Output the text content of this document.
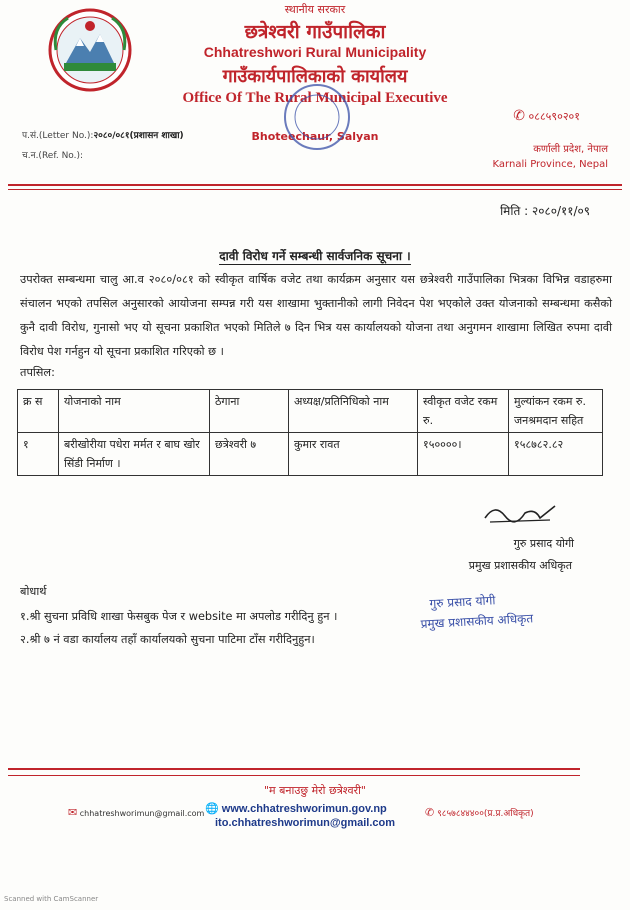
स्थानीय सरकार
छत्रेश्वरी गाउँपालिका
Chhatreshwori Rural Municipality
गाउँकार्यपालिकाको कार्यालय
Office Of The Rural Municipal Executive
Bhoteechaur, Salyan
✆ ०८८५९०२०१
प.सं.(Letter No.):२०८०/०८१(प्रशासन शाखा)
च.न.(Ref. No.):
कर्णाली प्रदेश, नेपाल
Karnali Province, Nepal
मिति : २०८०/११/०९
दावी विरोध गर्ने सम्बन्धी सार्वजनिक सूचना ।
उपरोक्त सम्बन्धमा चालु आ.व २०८०/०८१ को स्वीकृत वार्षिक वजेट तथा कार्यक्रम अनुसार यस छत्रेश्वरी गाउँपालिका भित्रका विभिन्न वडाहरुमा संचालन भएको तपसिल अनुसारको आयोजना सम्पन्न गरी यस शाखामा भुक्तानीको लागी निवेदन पेश भएकोले उक्त योजनाको सम्बन्धमा कसैको कुनै दावी विरोध, गुनासो भए यो सूचना प्रकाशित भएको मितिले ७ दिन भित्र यस कार्यालयको योजना तथा अनुगमन शाखामा लिखित रुपमा दावी विरोध पेश गर्नहुन यो सूचना प्रकाशित गरिएको छ ।
तपसिल:
क्र स	योजनाको नाम	ठेगाना	अध्यक्ष/प्रतिनिधिको नाम	स्वीकृत वजेट रकम रु.	मुल्यांकन रकम रु. जनश्रमदान सहित
१	बरीखोरीया पधेरा मर्मत र बाघ खोर सिंडी निर्माण ।	छत्रेश्वरी ७	कुमार रावत	१५००००।	१५८७८२.८२
गुरु प्रसाद योगी
प्रमुख प्रशासकीय अधिकृत
बोधार्थ
१.श्री सुचना प्रविधि शाखा फेसबुक पेज र website मा अपलोड गरीदिनु हुन ।
२.श्री ७ नं वडा कार्यालय तहाँ कार्यालयको सुचना पाटिमा टाँस गरीदिनुहुन।
गुरु प्रसाद योगी
प्रमुख प्रशासकीय अधिकृत
"म बनाउछु मेरो छत्रेश्वरी"
✉ chhatreshworimun@gmail.com 🌐 www.chhatreshworimun.gov.np
ito.chhatreshworimun@gmail.com
✆ ९८५७८४४४००(प्र.प्र.अधिकृत)
Scanned with CamScanner
